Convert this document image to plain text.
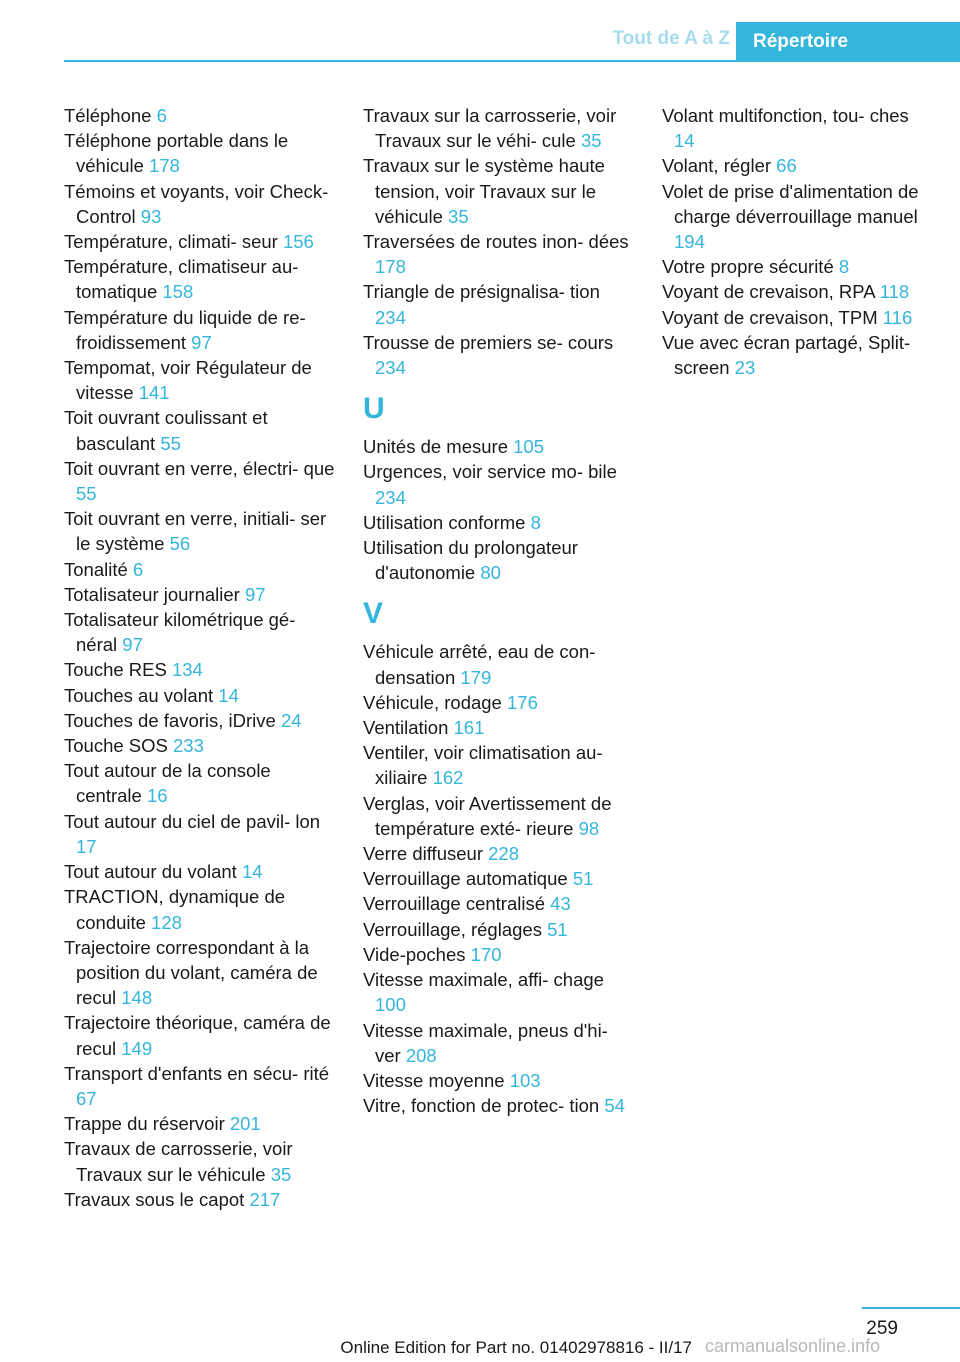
Tout de A à Z	Répertoire
Téléphone 6
Téléphone portable dans le véhicule 178
Témoins et voyants, voir Check-Control 93
Température, climati- seur 156
Température, climatiseur au- tomatique 158
Température du liquide de re- froidissement 97
Tempomat, voir Régulateur de vitesse 141
Toit ouvrant coulissant et basculant 55
Toit ouvrant en verre, électri- que 55
Toit ouvrant en verre, initiali- ser le système 56
Tonalité 6
Totalisateur journalier 97
Totalisateur kilométrique gé- néral 97
Touche RES 134
Touches au volant 14
Touches de favoris, iDrive 24
Touche SOS 233
Tout autour de la console centrale 16
Tout autour du ciel de pavil- lon 17
Tout autour du volant 14
TRACTION, dynamique de conduite 128
Trajectoire correspondant à la position du volant, caméra de recul 148
Trajectoire théorique, caméra de recul 149
Transport d'enfants en sécu- rité 67
Trappe du réservoir 201
Travaux de carrosserie, voir Travaux sur le véhicule 35
Travaux sous le capot 217
Travaux sur la carrosserie, voir Travaux sur le véhi- cule 35
Travaux sur le système haute tension, voir Travaux sur le véhicule 35
Traversées de routes inon- dées 178
Triangle de présignalisa- tion 234
Trousse de premiers se- cours 234
U
Unités de mesure 105
Urgences, voir service mo- bile 234
Utilisation conforme 8
Utilisation du prolongateur d'autonomie 80
V
Véhicule arrêté, eau de con- densation 179
Véhicule, rodage 176
Ventilation 161
Ventiler, voir climatisation au- xiliaire 162
Verglas, voir Avertissement de température exté- rieure 98
Verre diffuseur 228
Verrouillage automatique 51
Verrouillage centralisé 43
Verrouillage, réglages 51
Vide-poches 170
Vitesse maximale, affi- chage 100
Vitesse maximale, pneus d'hi- ver 208
Vitesse moyenne 103
Vitre, fonction de protec- tion 54
Volant multifonction, tou- ches 14
Volant, régler 66
Volet de prise d'alimentation de charge déverrouillage manuel 194
Votre propre sécurité 8
Voyant de crevaison, RPA 118
Voyant de crevaison, TPM 116
Vue avec écran partagé, Split- screen 23
259
Online Edition for Part no. 01402978816 - II/17 carmanualsonline.info
